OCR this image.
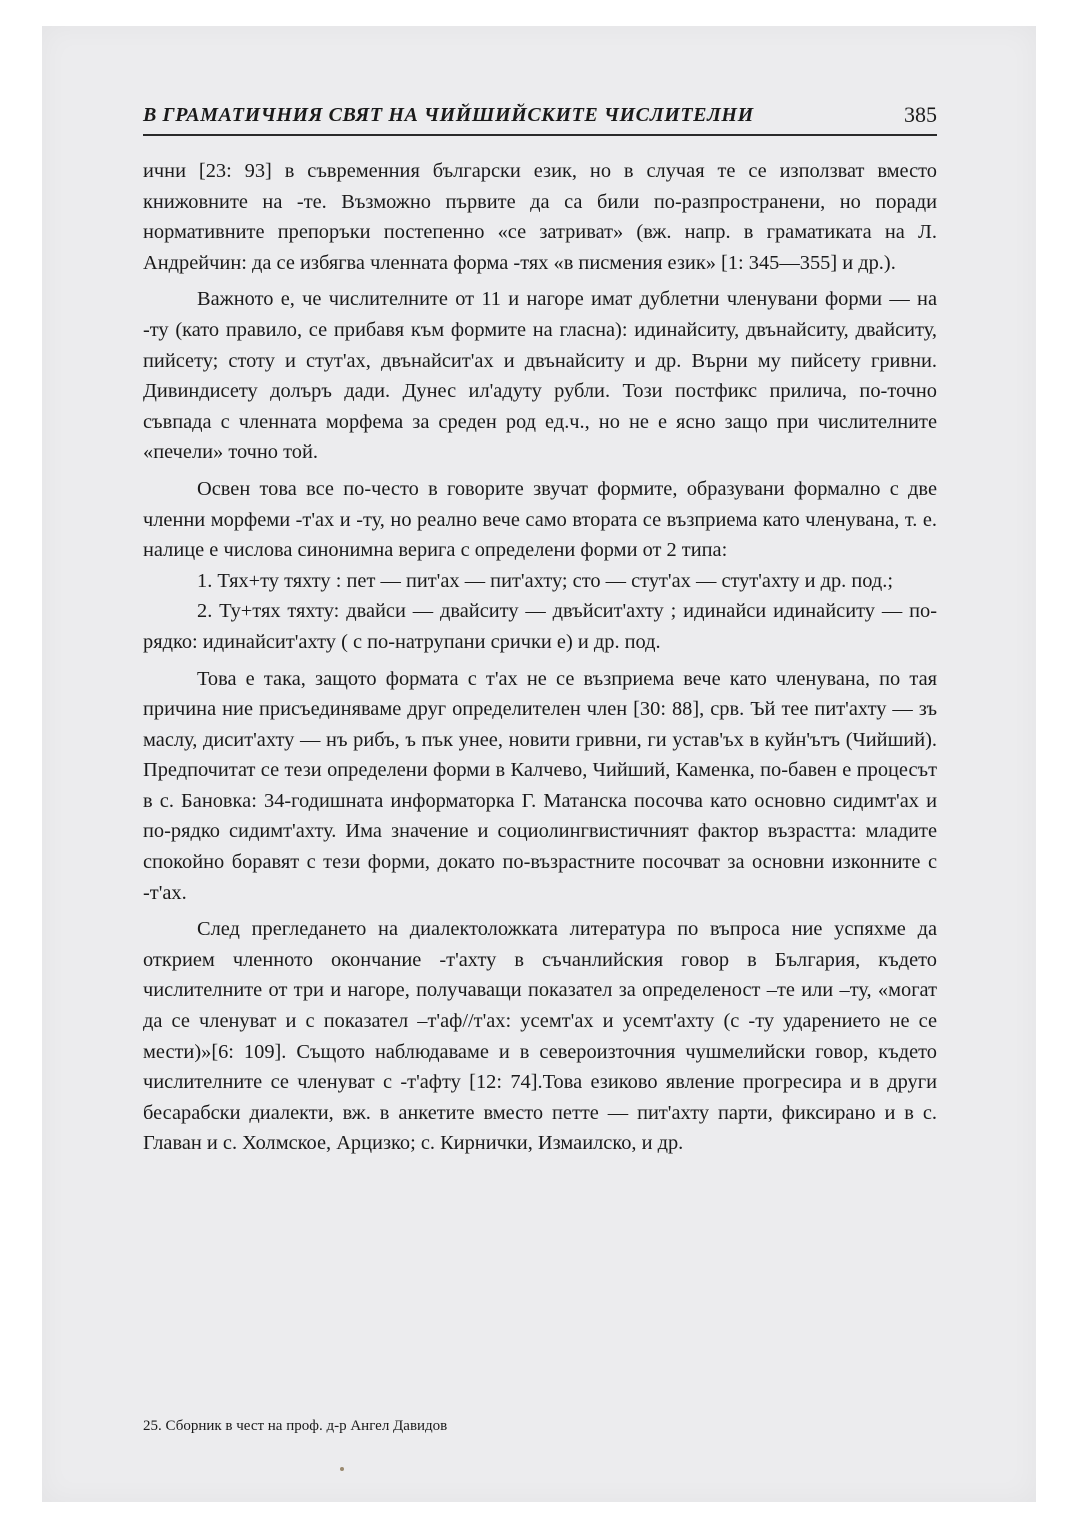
В ГРАМАТИЧНИЯ СВЯТ НА ЧИЙШИЙСКИТЕ ЧИСЛИТЕЛНИ	385

ични [23: 93] в съвременния български език, но в случая те се използват вместо книжовните на -те. Възможно първите да са били по-разпространени, но поради нормативните препоръки постепенно «се затриват» (вж. напр. в граматиката на Л. Андрейчин: да се избягва членната форма -тях «в писмения език» [1: 345—355] и др.).

Важното е, че числителните от 11 и нагоре имат дублетни членувани форми — на -ту (като правило, се прибавя към формите на гласна): идинайситу, двънайситу, двайситу, пийсету; стоту и стут'ах, двънайсит'ах и двънайситу и др. Върни му пийсету гривни. Дивиндисету долъръ дади. Дунес ил'адуту рубли. Този постфикс прилича, по-точно съвпада с членната морфема за среден род ед.ч., но не е ясно защо при числителните «печели» точно той.

Освен това все по-често в говорите звучат формите, образувани формално с две членни морфеми -т'ах и -ту, но реално вече само втората се възприема като членувана, т. е. налице е числова синонимна верига с определени форми от 2 типа:

1. Тях+ту тяхту : пет — пит'ах — пит'ахту; сто — стут'ах — стут'ахту и др. под.;

2. Ту+тях тяхту: двайси — двайситу — двъйсит'ахту ; идинайси идинайситу — по-рядко: идинайсит'ахту ( с по-натрупани срички е) и др. под.

Това е така, защото формата с т'ах не се възприема вече като членувана, по тая причина ние присъединяваме друг определителен член [30: 88], срв. Ъй тее пит'ахту — зъ маслу, дисит'ахту — нъ рибъ, ъ пък унее, новити гривни, ги устав'ъх в куйн'ътъ (Чийший). Предпочитат се тези определени форми в Калчево, Чийший, Каменка, по-бавен е процесът в с. Бановка: 34-годишната информаторка Г. Матанска посочва като основно сидимт'ах и по-рядко сидимт'ахту. Има значение и социолингвистичният фактор възрастта: младите спокойно боравят с тези форми, докато по-възрастните посочват за основни изконните с -т'ах.

След прегледането на диалектоложката литература по въпроса ние успяхме да открием членното окончание -т'ахту в съчанлийския говор в България, където числителните от три и нагоре, получаващи показател за определеност –те или –ту, «могат да се членуват и с показател –т'аф//т'ах: усемт'ах и усемт'ахту (с -ту ударението не се мести)»[6: 109]. Същото наблюдаваме и в североизточния чушмелийски говор, където числителните се членуват с -т'афту [12: 74].Това езиково явление прогресира и в други бесарабски диалекти, вж. в анкетите вместо петте — пит'ахту парти, фиксирано и в с. Главан и с. Холмское, Арцизко; с. Кирнички, Измаилско, и др.

25. Сборник в чест на проф. д-р Ангел Давидов
